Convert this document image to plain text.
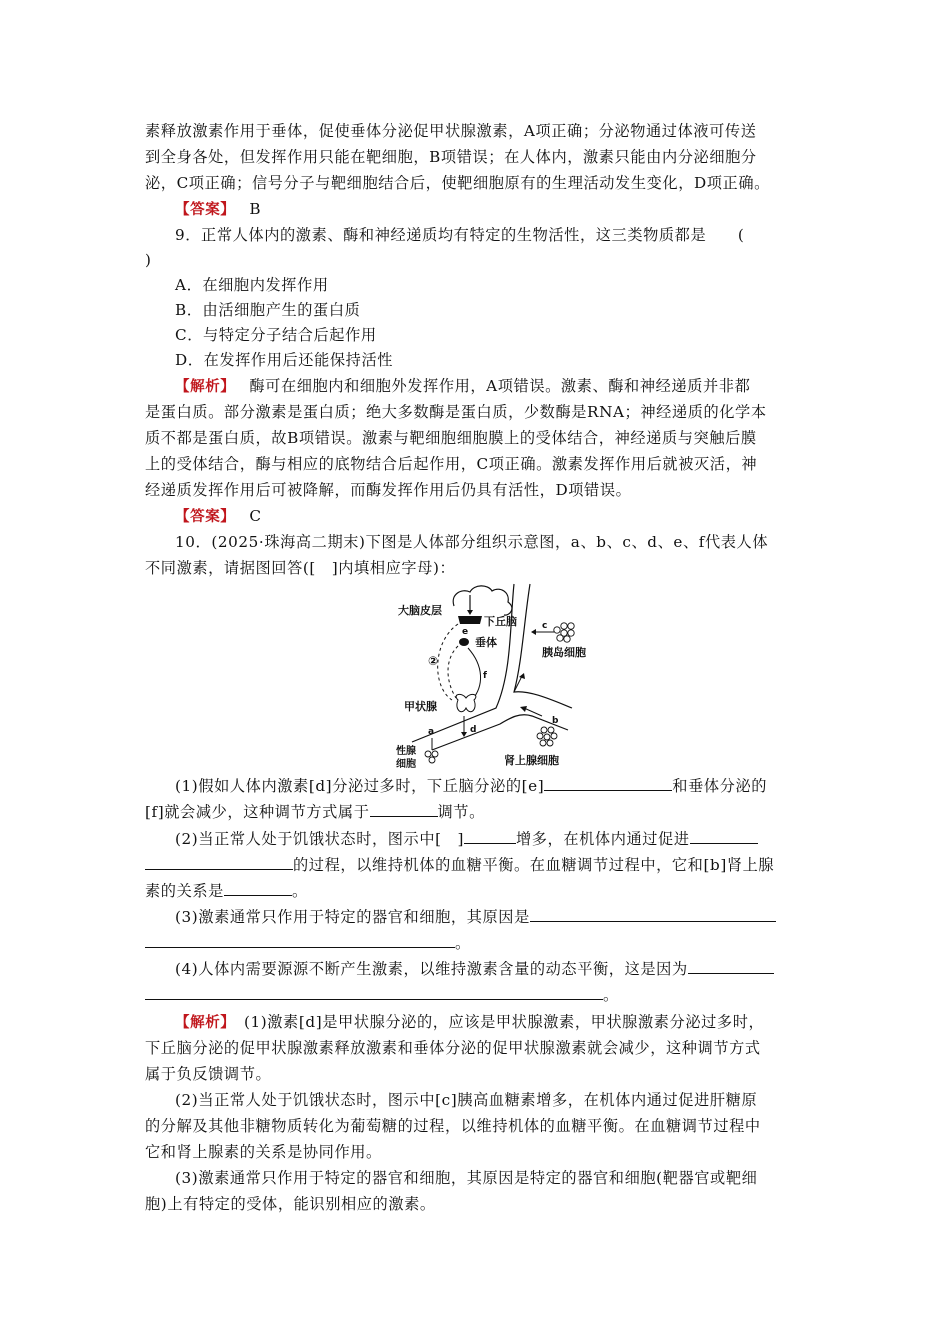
素释放激素作用于垂体，促使垂体分泌促甲状腺激素，A项正确；分泌物通过体液可传送
到全身各处，但发挥作用只能在靶细胞，B项错误；在人体内，激素只能由内分泌细胞分
泌，C项正确；信号分子与靶细胞结合后，使靶细胞原有的生理活动发生变化，D项正确。
【答案】　 B
9．正常人体内的激素、酶和神经递质均有特定的生物活性，这三类物质都是　　(
)
A．在细胞内发挥作用
B．由活细胞产生的蛋白质
C．与特定分子结合后起作用
D．在发挥作用后还能保持活性
【解析】　 酶可在细胞内和细胞外发挥作用，A项错误。激素、酶和神经递质并非都
是蛋白质。部分激素是蛋白质；绝大多数酶是蛋白质，少数酶是RNA；神经递质的化学本
质不都是蛋白质，故B项错误。激素与靶细胞细胞膜上的受体结合，神经递质与突触后膜
上的受体结合，酶与相应的底物结合后起作用，C项正确。激素发挥作用后就被灭活，神
经递质发挥作用后可被降解，而酶发挥作用后仍具有活性，D项错误。
【答案】　 C
10．(2025·珠海高二期末)下图是人体部分组织示意图，a、b、c、d、e、f代表人体
不同激素，请据图回答([　]内填相应字母)：
大脑皮层
下丘脑
垂体
e
②
f
甲状腺
c
胰岛细胞
b
d
a
性腺
细胞	肾上腺细胞
(1)假如人体内激素[d]分泌过多时，下丘脑分泌的[e]	和垂体分泌的
[f]就会减少，这种调节方式属于	调节。
(2)当正常人处于饥饿状态时，图示中[　]	增多，在机体内通过促进
的过程，以维持机体的血糖平衡。在血糖调节过程中，它和[b]肾上腺
素的关系是	。
(3)激素通常只作用于特定的器官和细胞，其原因是
。
(4)人体内需要源源不断产生激素，以维持激素含量的动态平衡，这是因为
。
【解析】　 (1)激素[d]是甲状腺分泌的，应该是甲状腺激素，甲状腺激素分泌过多时，
下丘脑分泌的促甲状腺激素释放激素和垂体分泌的促甲状腺激素就会减少，这种调节方式
属于负反馈调节。
(2)当正常人处于饥饿状态时，图示中[c]胰高血糖素增多，在机体内通过促进肝糖原
的分解及其他非糖物质转化为葡萄糖的过程，以维持机体的血糖平衡。在血糖调节过程中
它和肾上腺素的关系是协同作用。
(3)激素通常只作用于特定的器官和细胞，其原因是特定的器官和细胞(靶器官或靶细
胞)上有特定的受体，能识别相应的激素。
